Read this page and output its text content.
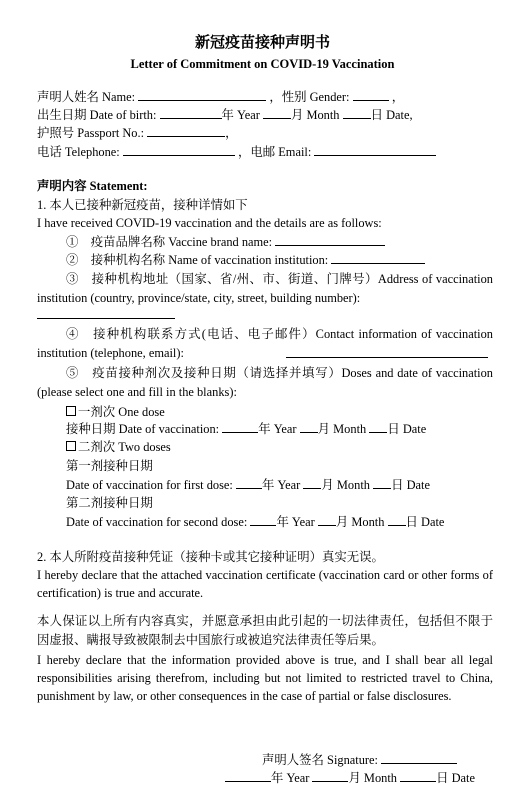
新冠疫苗接种声明书
Letter of Commitment on COVID-19 Vaccination
声明人姓名 Name:	，性别 Gender:	，
出生日期 Date of birth:	年 Year	月 Month	日 Date,
护照号 Passport No.:	，
电话 Telephone:	，电邮 Email:
声明内容 Statement:
1. 本人已接种新冠疫苗，接种详情如下
I have received COVID-19 vaccination and the details are as follows:
①　疫苗品牌名称 Vaccine brand name:
②　接种机构名称 Name of vaccination institution:
③　接种机构地址（国家、省/州、市、街道、门牌号）Address of vaccination institution (country, province/state, city, street, building number):
④　接种机构联系方式(电话、电子邮件）Contact information of vaccination institution (telephone, email):
⑤　疫苗接种剂次及接种日期（请选择并填写）Doses and date of vaccination (please select one and fill in the blanks):
一剂次 One dose
接种日期 Date of vaccination:	年 Year 月 Month 日 Date
二剂次 Two doses
第一剂接种日期
Date of vaccination for first dose: 年 Year 月 Month 日 Date
第二剂接种日期
Date of vaccination for second dose: 年 Year 月 Month 日 Date
2. 本人所附疫苗接种凭证（接种卡或其它接种证明）真实无误。
I hereby declare that the attached vaccination certificate (vaccination card or other forms of certification) is true and accurate.
本人保证以上所有内容真实，并愿意承担由此引起的一切法律责任，包括但不限于因虚报、瞒报导致被限制去中国旅行或被追究法律责任等后果。
I hereby declare that the information provided above is true, and I shall bear all legal responsibilities arising therefrom, including but not limited to restricted travel to China, punishment by law, or other consequences in the case of partial or false disclosures.
声明人签名 Signature:
年 Year	月 Month	日 Date
